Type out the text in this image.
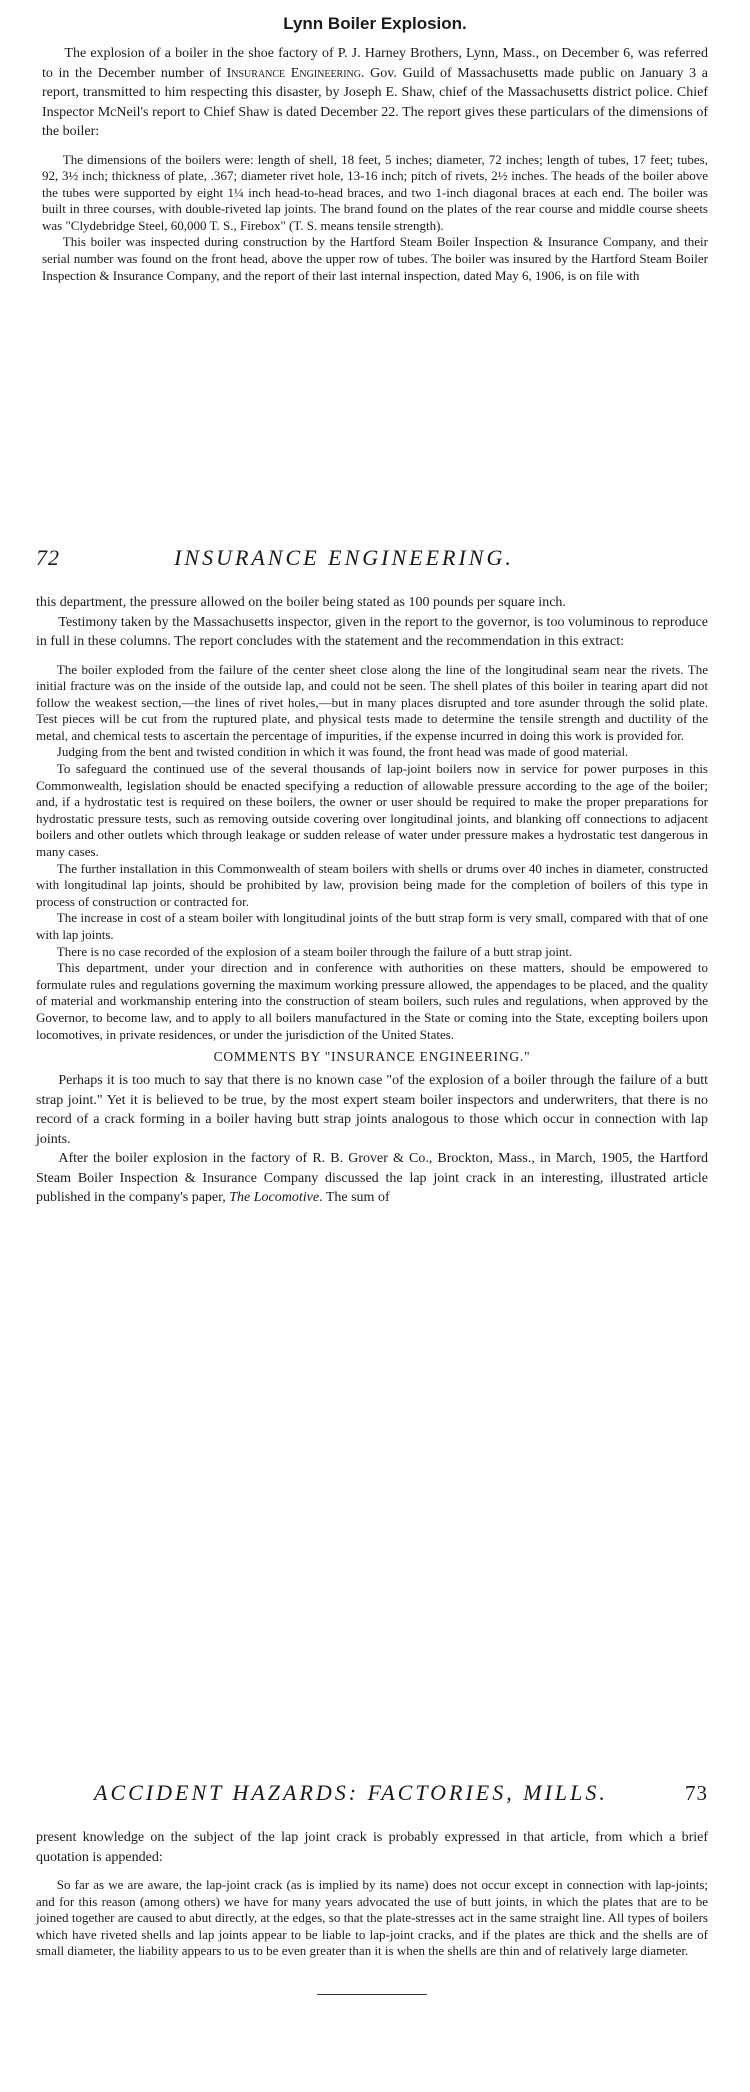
Lynn Boiler Explosion.

The explosion of a boiler in the shoe factory of P. J. Harney Brothers, Lynn, Mass., on December 6, was referred to in the December number of Insurance Engineering. Gov. Guild of Massachusetts made public on January 3 a report, transmitted to him respecting this disaster, by Joseph E. Shaw, chief of the Massachusetts district police. Chief Inspector McNeil's report to Chief Shaw is dated December 22. The report gives these particulars of the dimensions of the boiler:

The dimensions of the boilers were: length of shell, 18 feet, 5 inches; diameter, 72 inches; length of tubes, 17 feet; tubes, 92, 3½ inch; thickness of plate, .367; diameter rivet hole, 13-16 inch; pitch of rivets, 2½ inches. The heads of the boiler above the tubes were supported by eight 1¼ inch head-to-head braces, and two 1-inch diagonal braces at each end. The boiler was built in three courses, with double-riveted lap joints. The brand found on the plates of the rear course and middle course sheets was "Clydebridge Steel, 60,000 T. S., Firebox" (T. S. means tensile strength).

This boiler was inspected during construction by the Hartford Steam Boiler Inspection & Insurance Company, and their serial number was found on the front head, above the upper row of tubes. The boiler was insured by the Hartford Steam Boiler Inspection & Insurance Company, and the report of their last internal inspection, dated May 6, 1906, is on file with

72	INSURANCE ENGINEERING.

this department, the pressure allowed on the boiler being stated as 100 pounds per square inch.

Testimony taken by the Massachusetts inspector, given in the report to the governor, is too voluminous to reproduce in full in these columns. The report concludes with the statement and the recommendation in this extract:

The boiler exploded from the failure of the center sheet close along the line of the longitudinal seam near the rivets. The initial fracture was on the inside of the outside lap, and could not be seen. The shell plates of this boiler in tearing apart did not follow the weakest section,—the lines of rivet holes,—but in many places disrupted and tore asunder through the solid plate. Test pieces will be cut from the ruptured plate, and physical tests made to determine the tensile strength and ductility of the metal, and chemical tests to ascertain the percentage of impurities, if the expense incurred in doing this work is provided for.

Judging from the bent and twisted condition in which it was found, the front head was made of good material.

To safeguard the continued use of the several thousands of lap-joint boilers now in service for power purposes in this Commonwealth, legislation should be enacted specifying a reduction of allowable pressure according to the age of the boiler; and, if a hydrostatic test is required on these boilers, the owner or user should be required to make the proper preparations for hydrostatic pressure tests, such as removing outside covering over longitudinal joints, and blanking off connections to adjacent boilers and other outlets which through leakage or sudden release of water under pressure makes a hydrostatic test dangerous in many cases.

The further installation in this Commonwealth of steam boilers with shells or drums over 40 inches in diameter, constructed with longitudinal lap joints, should be prohibited by law, provision being made for the completion of boilers of this type in process of construction or contracted for.

The increase in cost of a steam boiler with longitudinal joints of the butt strap form is very small, compared with that of one with lap joints.

There is no case recorded of the explosion of a steam boiler through the failure of a butt strap joint.

This department, under your direction and in conference with authorities on these matters, should be empowered to formulate rules and regulations governing the maximum working pressure allowed, the appendages to be placed, and the quality of material and workmanship entering into the construction of steam boilers, such rules and regulations, when approved by the Governor, to become law, and to apply to all boilers manufactured in the State or coming into the State, excepting boilers upon locomotives, in private residences, or under the jurisdiction of the United States.

COMMENTS BY "INSURANCE ENGINEERING."

Perhaps it is too much to say that there is no known case "of the explosion of a boiler through the failure of a butt strap joint." Yet it is believed to be true, by the most expert steam boiler inspectors and underwriters, that there is no record of a crack forming in a boiler having butt strap joints analogous to those which occur in connection with lap joints.

After the boiler explosion in the factory of R. B. Grover & Co., Brockton, Mass., in March, 1905, the Hartford Steam Boiler Inspection & Insurance Company discussed the lap joint crack in an interesting, illustrated article published in the company's paper, The Locomotive. The sum of

ACCIDENT HAZARDS: FACTORIES, MILLS.	73

present knowledge on the subject of the lap joint crack is probably expressed in that article, from which a brief quotation is appended:

So far as we are aware, the lap-joint crack (as is implied by its name) does not occur except in connection with lap-joints; and for this reason (among others) we have for many years advocated the use of butt joints, in which the plates that are to be joined together are caused to abut directly, at the edges, so that the plate-stresses act in the same straight line. All types of boilers which have riveted shells and lap joints appear to be liable to lap-joint cracks, and if the plates are thick and the shells are of small diameter, the liability appears to us to be even greater than it is when the shells are thin and of relatively large diameter.
